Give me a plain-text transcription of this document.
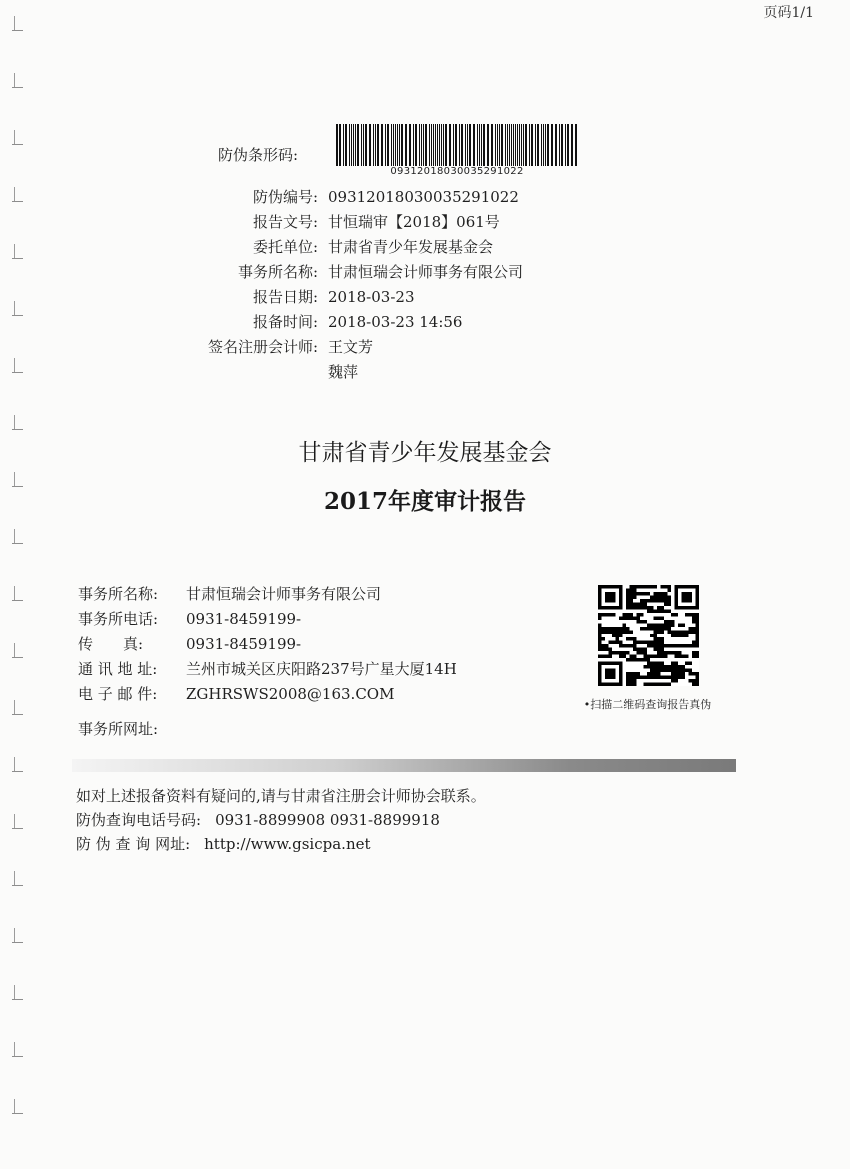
页码1/1
防伪条形码:
09312018030035291022
防伪编号: 09312018030035291022
报告文号: 甘恒瑞审【2018】061号
委托单位: 甘肃省青少年发展基金会
事务所名称: 甘肃恒瑞会计师事务有限公司
报告日期: 2018-03-23
报备时间: 2018-03-23 14:56
签名注册会计师: 王文芳
魏萍
甘肃省青少年发展基金会
2017年度审计报告
事务所名称:	甘肃恒瑞会计师事务有限公司
事务所电话:	0931-8459199-
传　　真:	0931-8459199-
通 讯 地 址:	兰州市城关区庆阳路237号广星大厦14H
电 子 邮 件:	ZGHRSWS2008@163.COM
事务所网址:
•扫描二维码查询报告真伪
如对上述报备资料有疑问的,请与甘肃省注册会计师协会联系。
防伪查询电话号码: 0931-8899908 0931-8899918
防 伪 查 询 网址: http://www.gsicpa.net
